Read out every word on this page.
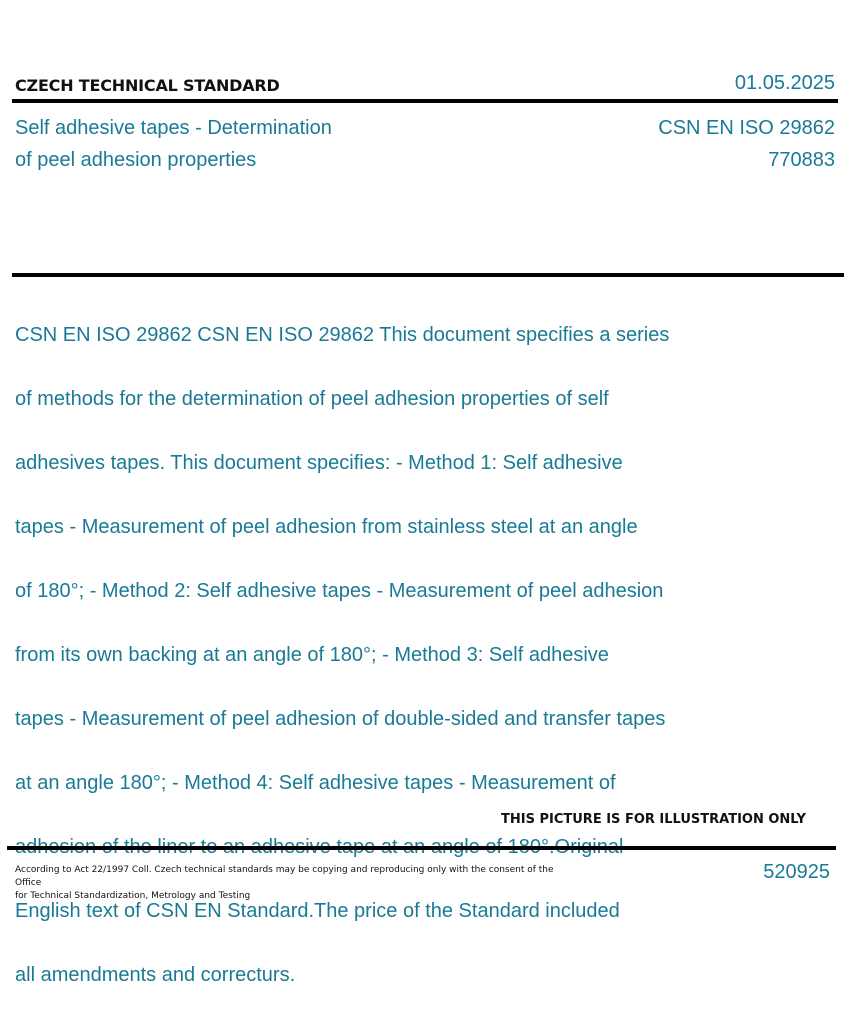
CZECH TECHNICAL STANDARD	01.05.2025
Self adhesive tapes - Determination
of peel adhesion properties
CSN EN ISO 29862
770883

CSN EN ISO 29862 CSN EN ISO 29862 This document specifies a series

of methods for the determination of peel adhesion properties of self

adhesives tapes. This document specifies: - Method 1: Self adhesive

tapes - Measurement of peel adhesion from stainless steel at an angle

of 180°; - Method 2: Self adhesive tapes - Measurement of peel adhesion

from its own backing at an angle of 180°; - Method 3: Self adhesive

tapes - Measurement of peel adhesion of double-sided and transfer tapes

at an angle 180°; - Method 4: Self adhesive tapes - Measurement of

English text of CSN EN Standard.The price of the Standard included

all amendments and correcturs.

THIS PICTURE IS FOR ILLUSTRATION ONLY
According to Act 22/1997 Coll. Czech technical standards may be copying and reproducing only with the consent of the Office
for Technical Standardization, Metrology and Testing
520925
